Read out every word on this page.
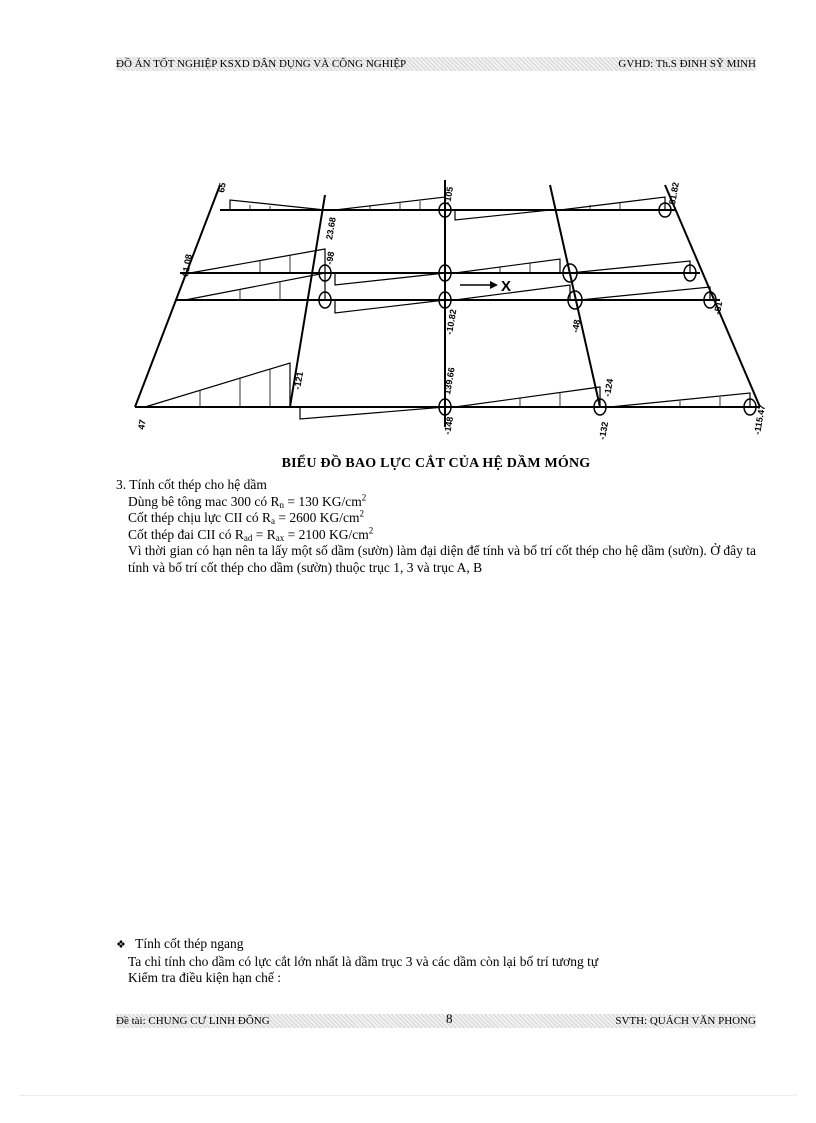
ĐỒ ÁN TỐT NGHIỆP KSXD DÂN DỤNG VÀ CÔNG NGHIỆP	GVHD: Th.S ĐINH SỸ MINH
X
65	-105	51.82
-98
-121	139.66
-10.82	-48
-124
-132
-51
-115.47
23.68
61.08
-148
47
BIỂU ĐỒ BAO LỰC CẮT CỦA HỆ DẦM MÓNG
3. Tính cốt thép cho hệ dầm
Dùng bê tông mac 300 có $R_n = 130$ $KG/cm^2$
Cốt thép chịu lực CII có $R_a = 2600$ $KG/cm^2$
Cốt thép đai CII có $R_{ad} = R_{ax} = 2100$ $KG/cm^2$
Vì thời gian có hạn nên ta lấy một số dầm (sườn) làm đại diện để tính và bố trí cốt thép cho hệ dầm (sườn). Ở đây ta tính và bố trí cốt thép cho dầm (sườn) thuộc trục 1, 3 và trục A, B
❖ Tính cốt thép ngang
Ta chỉ tính cho dầm có lực cắt lớn nhất là dầm trục 3 và các dầm còn lại bố trí tương tự
Kiểm tra điều kiện hạn chế :
Đề tài: CHUNG CƯ LINH ĐÔNG	8	SVTH: QUÁCH VĂN PHONG
